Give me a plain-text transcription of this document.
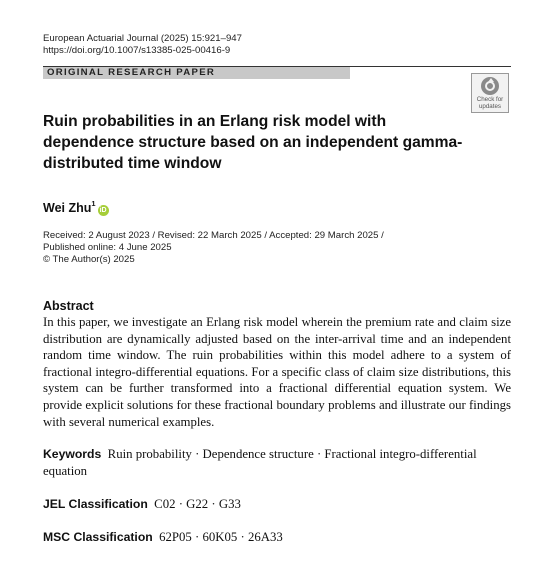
European Actuarial Journal (2025) 15:921–947
https://doi.org/10.1007/s13385-025-00416-9
ORIGINAL RESEARCH PAPER
Check for
updates
Ruin probabilities in an Erlang risk model with dependence structure based on an independent gamma-distributed time window
Wei Zhu$^1$iD
Received: 2 August 2023 / Revised: 22 March 2025 / Accepted: 29 March 2025 /
Published online: 4 June 2025
© The Author(s) 2025
Abstract
In this paper, we investigate an Erlang risk model wherein the premium rate and claim size distribution are dynamically adjusted based on the inter-arrival time and an independent random time window. The ruin probabilities within this model adhere to a system of fractional integro-differential equations. For a specific class of claim size distributions, this system can be further transformed into a fractional differential equation system. We provide explicit solutions for these fractional boundary problems and illustrate our findings with several numerical examples.
Keywords Ruin probability · Dependence structure · Fractional integro-differential equation
JEL Classification C02 · G22 · G33
MSC Classification 62P05 · 60K05 · 26A33
